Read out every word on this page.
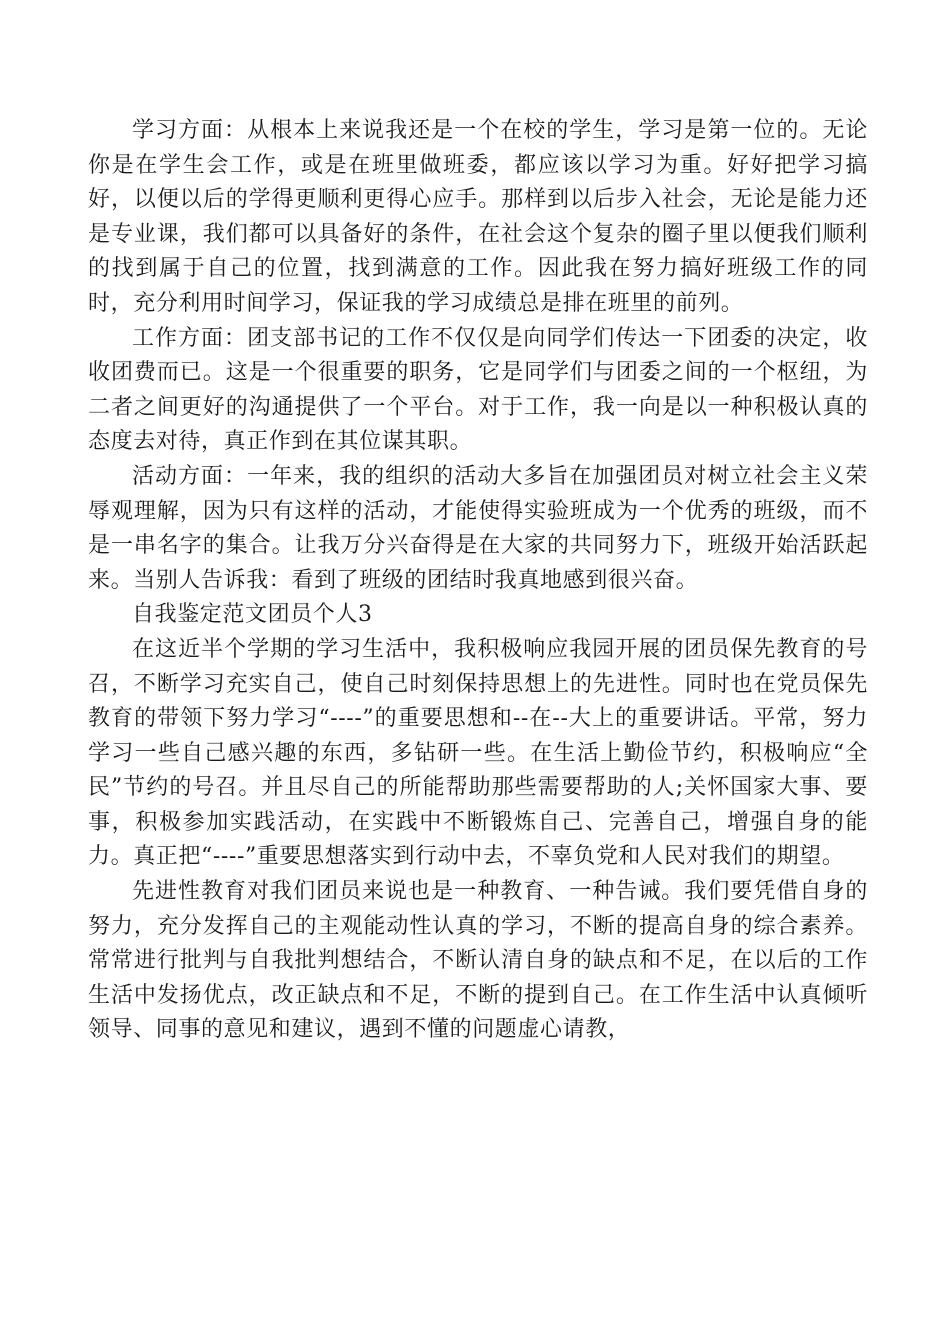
学习方面：从根本上来说我还是一个在校的学生，学习是第一位的。无论你是在学生会工作，或是在班里做班委，都应该以学习为重。好好把学习搞好，以便以后的学得更顺利更得心应手。那样到以后步入社会，无论是能力还是专业课，我们都可以具备好的条件，在社会这个复杂的圈子里以便我们顺利的找到属于自己的位置，找到满意的工作。因此我在努力搞好班级工作的同时，充分利用时间学习，保证我的学习成绩总是排在班里的前列。

工作方面：团支部书记的工作不仅仅是向同学们传达一下团委的决定，收收团费而已。这是一个很重要的职务，它是同学们与团委之间的一个枢纽，为二者之间更好的沟通提供了一个平台。对于工作，我一向是以一种积极认真的态度去对待，真正作到在其位谋其职。

活动方面：一年来，我的组织的活动大多旨在加强团员对树立社会主义荣辱观理解，因为只有这样的活动，才能使得实验班成为一个优秀的班级，而不是一串名字的集合。让我万分兴奋得是在大家的共同努力下，班级开始活跃起来。当别人告诉我：看到了班级的团结时我真地感到很兴奋。

自我鉴定范文团员个人3

在这近半个学期的学习生活中，我积极响应我园开展的团员保先教育的号召，不断学习充实自己，使自己时刻保持思想上的先进性。同时也在党员保先教育的带领下努力学习“----”的重要思想和--在--大上的重要讲话。平常，努力学习一些自己感兴趣的东西，多钻研一些。在生活上勤俭节约，积极响应“全民”节约的号召。并且尽自己的所能帮助那些需要帮助的人;关怀国家大事、要事，积极参加实践活动，在实践中不断锻炼自己、完善自己，增强自身的能力。真正把“----”重要思想落实到行动中去，不辜负党和人民对我们的期望。

先进性教育对我们团员来说也是一种教育、一种告诫。我们要凭借自身的努力，充分发挥自己的主观能动性认真的学习，不断的提高自身的综合素养。常常进行批判与自我批判想结合，不断认清自身的缺点和不足，在以后的工作生活中发扬优点，改正缺点和不足，不断的提到自己。在工作生活中认真倾听领导、同事的意见和建议，遇到不懂的问题虚心请教，
